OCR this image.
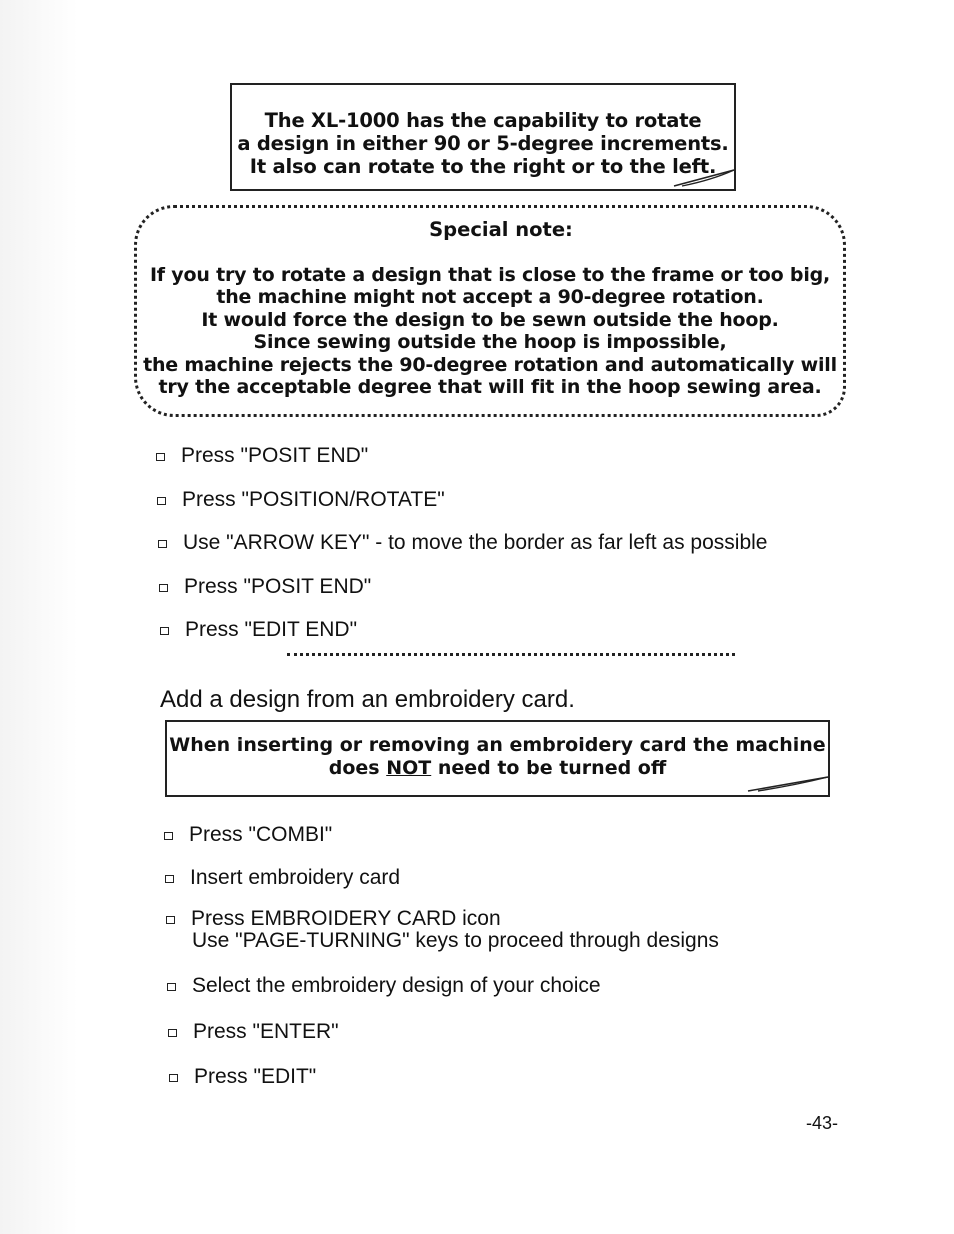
The XL-1000 has the capability to rotate
a design in either 90 or 5-degree increments.
It also can rotate to the right or to the left.
Special note:
If you try to rotate a design that is close to the frame or too big,
the machine might not accept a 90-degree rotation.
It would force the design to be sewn outside the hoop.
Since sewing outside the hoop is impossible,
the machine rejects the 90-degree rotation and automatically will
try the acceptable degree that will fit in the hoop sewing area.
Press "POSIT END"
Press "POSITION/ROTATE"
Use "ARROW KEY" - to move the border as far left as possible
Press "POSIT END"
Press "EDIT END"
Add a design from an embroidery card.
When inserting or removing an embroidery card the machine
does NOT need to be turned off
Press "COMBI"
Insert embroidery card
Press EMBROIDERY CARD icon
Use "PAGE-TURNING" keys to proceed through designs
Select the embroidery design of your choice
Press "ENTER"
Press "EDIT"
-43-
